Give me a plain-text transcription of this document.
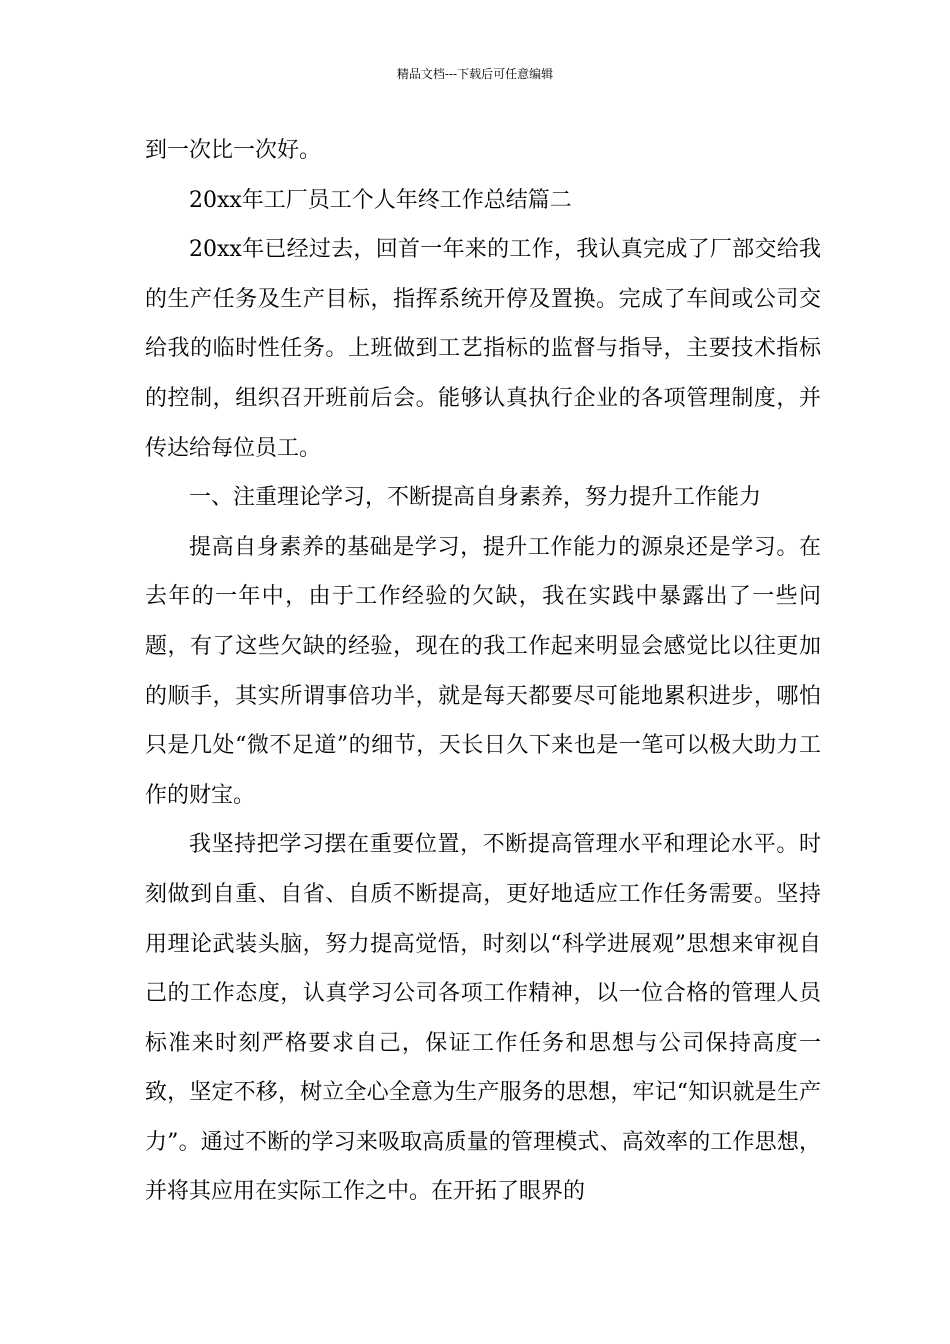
精品文档---下载后可任意编辑

到一次比一次好。

20xx年工厂员工个人年终工作总结篇二

20xx年已经过去，回首一年来的工作，我认真完成了厂部交给我的生产任务及生产目标，指挥系统开停及置换。完成了车间或公司交给我的临时性任务。上班做到工艺指标的监督与指导，主要技术指标的控制，组织召开班前后会。能够认真执行企业的各项管理制度，并传达给每位员工。

一、注重理论学习，不断提高自身素养，努力提升工作能力

提高自身素养的基础是学习，提升工作能力的源泉还是学习。在去年的一年中，由于工作经验的欠缺，我在实践中暴露出了一些问题，有了这些欠缺的经验，现在的我工作起来明显会感觉比以往更加的顺手，其实所谓事倍功半，就是每天都要尽可能地累积进步，哪怕只是几处“微不足道”的细节，天长日久下来也是一笔可以极大助力工作的财宝。

我坚持把学习摆在重要位置，不断提高管理水平和理论水平。时刻做到自重、自省、自质不断提高，更好地适应工作任务需要。坚持用理论武装头脑，努力提高觉悟，时刻以“科学进展观”思想来审视自己的工作态度，认真学习公司各项工作精神，以一位合格的管理人员标准来时刻严格要求自己，保证工作任务和思想与公司保持高度一致，坚定不移，树立全心全意为生产服务的思想，牢记“知识就是生产力”。通过不断的学习来吸取高质量的管理模式、高效率的工作思想，并将其应用在实际工作之中。在开拓了眼界的
